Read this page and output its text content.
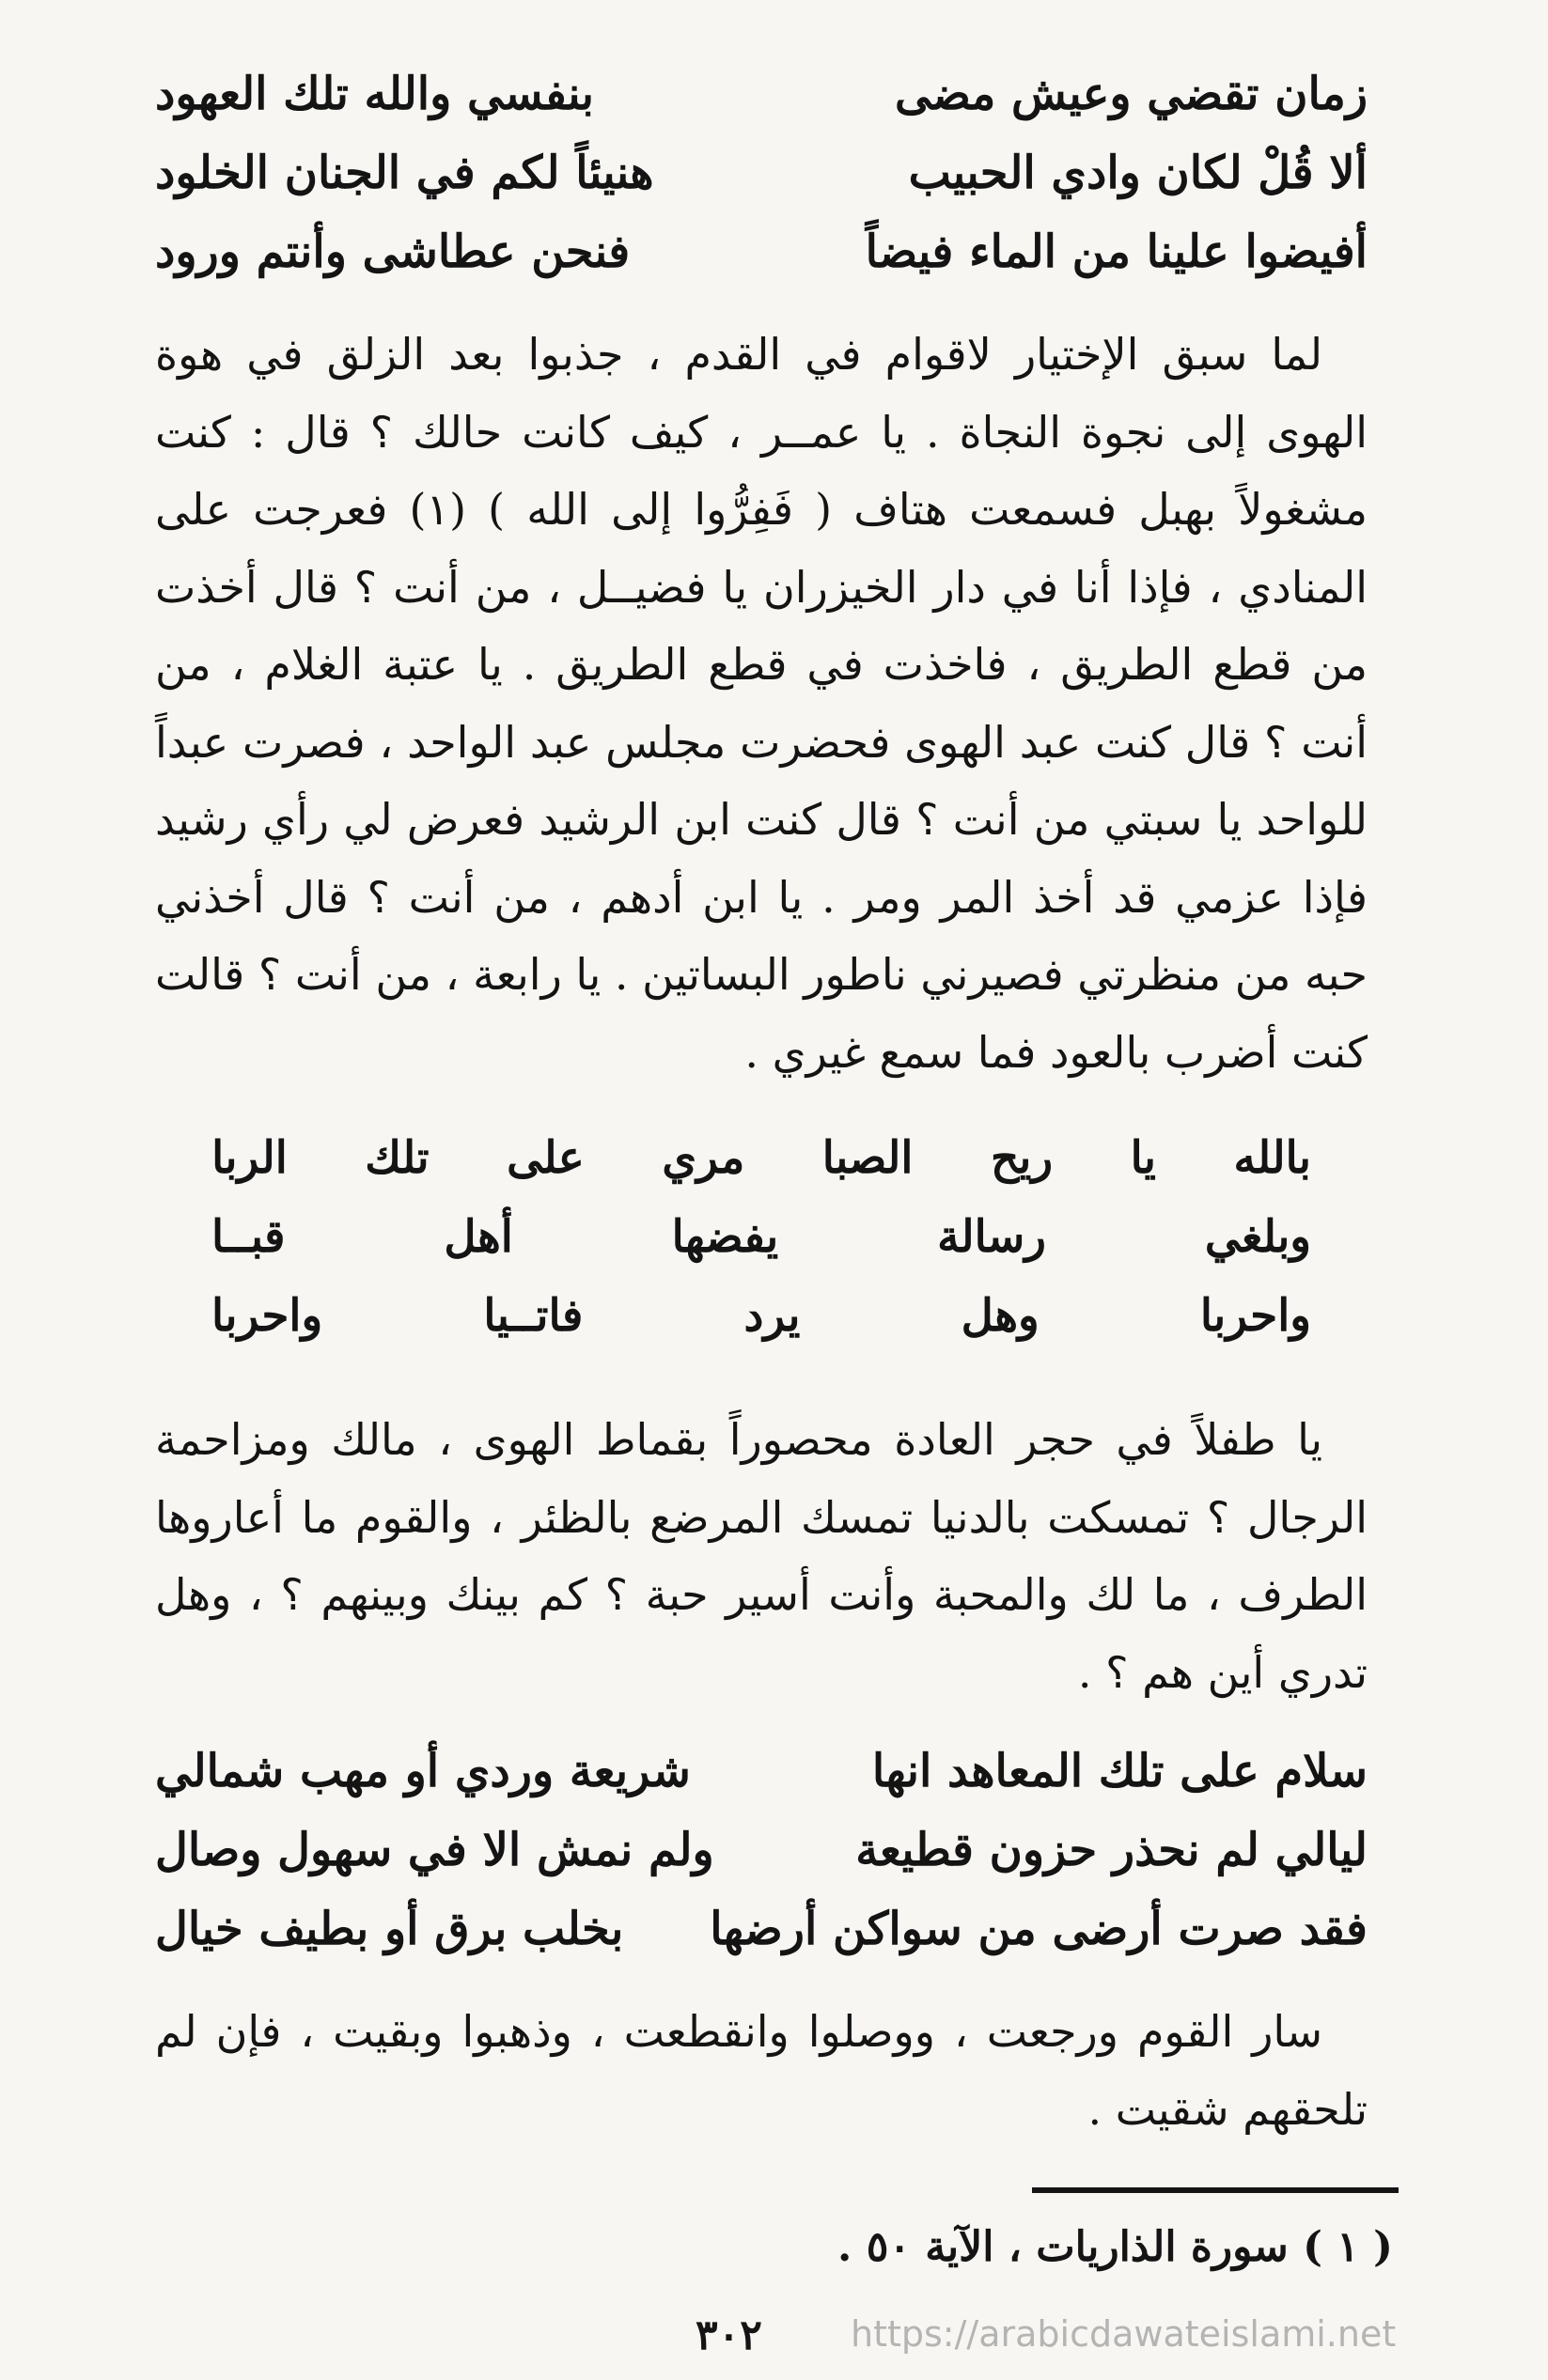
زمان تقضي وعيش مضى
بنفسي والله تلك العهود
ألا قُلْ لكان وادي الحبيب
هنيئاً لكم في الجنان الخلود
أفيضوا علينا من الماء فيضاً
فنحن عطاشى وأنتم ورود

لما سبق الإختيار لاقوام في القدم ، جذبوا بعد الزلق في هوة الهوى إلى نجوة النجاة . يا عمــر ، كيف كانت حالك ؟ قال : كنت مشغولاً بهبل فسمعت هتاف ( فَفِرُّوا إلى الله ) (١) فعرجت على المنادي ، فإذا أنا في دار الخيزران يا فضيــل ، من أنت ؟ قال أخذت من قطع الطريق ، فاخذت في قطع الطريق . يا عتبة الغلام ، من أنت ؟ قال كنت عبد الهوى فحضرت مجلس عبد الواحد ، فصرت عبداً للواحد يا سبتي من أنت ؟ قال كنت ابن الرشيد فعرض لي رأي رشيد فإذا عزمي قد أخذ المر ومر . يا ابن أدهم ، من أنت ؟ قال أخذني حبه من منظرتي فصيرني ناطور البساتين . يا رابعة ، من أنت ؟ قالت كنت أضرب بالعود فما سمع غيري .

بالله
يا
ريح
الصبا
مري
على
تلك
الربا
وبلغي
رسالة
يفضها
أهل
قبــا
واحربا
وهل
يرد
فاتــيا
واحربا

يا طفلاً في حجر العادة محصوراً بقماط الهوى ، مالك ومزاحمة الرجال ؟ تمسكت بالدنيا تمسك المرضع بالظئر ، والقوم ما أعاروها الطرف ، ما لك والمحبة وأنت أسير حبة ؟ كم بينك وبينهم ؟ ، وهل تدري أين هم ؟ .

سلام على تلك المعاهد انها
شريعة وردي أو مهب شمالي
ليالي لم نحذر حزون قطيعة
ولم نمش الا في سهول وصال
فقد صرت أرضى من سواكن أرضها
بخلب برق أو بطيف خيال

سار القوم ورجعت ، ووصلوا وانقطعت ، وذهبوا وبقيت ، فإن لم تلحقهم شقيت .

( ١ ) سورة الذاريات ، الآية ٥٠ .
٣٠٢ https://arabicdawateislami.net
